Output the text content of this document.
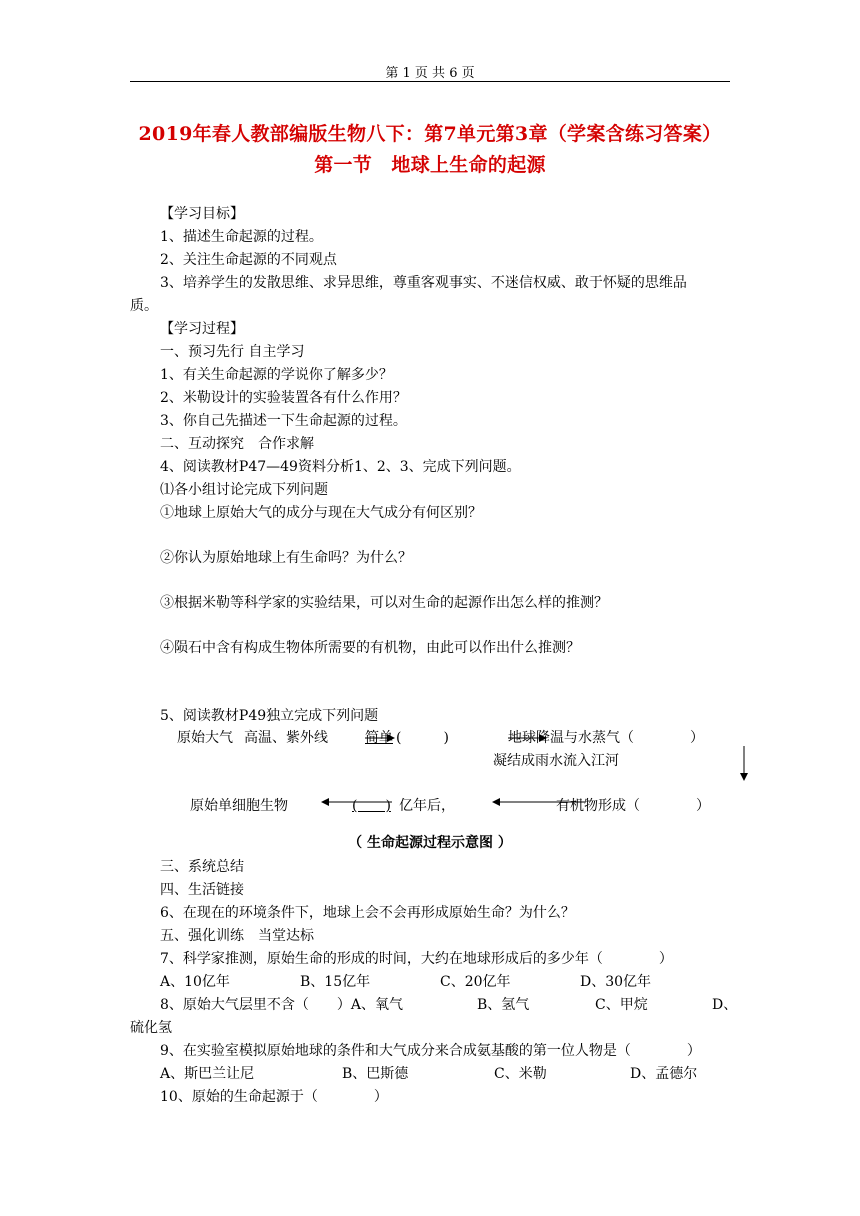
第 1 页 共 6 页
2019年春人教部编版生物八下：第7单元第3章（学案含练习答案）
第一节　地球上生命的起源
【学习目标】
1、描述生命起源的过程。
2、关注生命起源的不同观点
3、培养学生的发散思维、求异思维，尊重客观事实、不迷信权威、敢于怀疑的思维品
质。
【学习过程】
一、预习先行 自主学习
1、有关生命起源的学说你了解多少？
2、米勒设计的实验装置各有什么作用？
3、你自己先描述一下生命起源的过程。
二、互动探究　合作求解
4、阅读教材P47—49资料分析1、2、3、完成下列问题。
⑴各小组讨论完成下列问题
①地球上原始大气的成分与现在大气成分有何区别？
②你认为原始地球上有生命吗？为什么？
③根据米勒等科学家的实验结果，可以对生命的起源作出怎么样的推测？
④陨石中含有构成生物体所需要的有机物，由此可以作出什么推测？
5、阅读教材P49独立完成下列问题
原始大气 高温、紫外线	简单 (　　　)	地球降温与水蒸气（　　　　）
凝结成雨水流入江河
原始单细胞生物	(　　) 亿年后，	有机物形成（　　　　）
（ 生命起源过程示意图 ）
三、系统总结
四、生活链接
6、在现在的环境条件下，地球上会不会再形成原始生命？为什么？
五、强化训练　当堂达标
7、科学家推测，原始生命的形成的时间，大约在地球形成后的多少年（　　　　）
A、10亿年	B、15亿年	C、20亿年	D、30亿年
8、原始大气层里不含（　　）A、氧气	B、氢气	C、甲烷	D、
硫化氢
9、在实验室模拟原始地球的条件和大气成分来合成氨基酸的第一位人物是（　　　　）
A、斯巴兰让尼	B、巴斯德	C、米勒	D、孟德尔
10、原始的生命起源于（　　　　）
